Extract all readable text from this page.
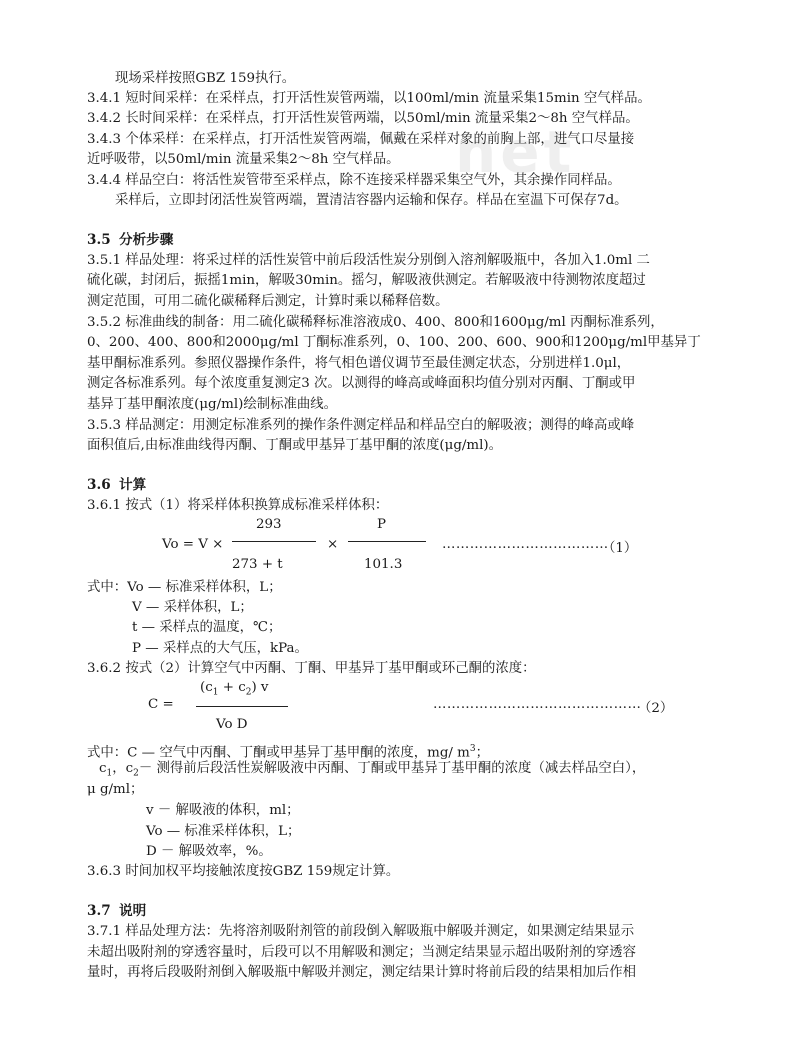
net
现场采样按照GBZ 159执行。
3.4.1 短时间采样：在采样点，打开活性炭管两端，以100ml/min 流量采集15min 空气样品。
3.4.2 长时间采样：在采样点，打开活性炭管两端，以50ml/min 流量采集2～8h 空气样品。
3.4.3 个体采样：在采样点，打开活性炭管两端，佩戴在采样对象的前胸上部，进气口尽量接
近呼吸带，以50ml/min 流量采集2～8h 空气样品。
3.4.4 样品空白：将活性炭管带至采样点，除不连接采样器采集空气外，其余操作同样品。
采样后，立即封闭活性炭管两端，置清洁容器内运输和保存。样品在室温下可保存7d。
3.5 分析步骤
3.5.1 样品处理：将采过样的活性炭管中前后段活性炭分别倒入溶剂解吸瓶中，各加入1.0ml 二
硫化碳，封闭后，振摇1min，解吸30min。摇匀，解吸液供测定。若解吸液中待测物浓度超过
测定范围，可用二硫化碳稀释后测定，计算时乘以稀释倍数。
3.5.2 标准曲线的制备：用二硫化碳稀释标准溶液成0、400、800和1600μg/ml 丙酮标准系列，
0、200、400、800和2000μg/ml 丁酮标准系列，0、100、200、600、900和1200μg/ml甲基异丁
基甲酮标准系列。参照仪器操作条件，将气相色谱仪调节至最佳测定状态，分别进样1.0μl，
测定各标准系列。每个浓度重复测定3 次。以测得的峰高或峰面积均值分别对丙酮、丁酮或甲
基异丁基甲酮浓度(μg/ml)绘制标准曲线。
3.5.3 样品测定：用测定标准系列的操作条件测定样品和样品空白的解吸液；测得的峰高或峰
面积值后,由标准曲线得丙酮、丁酮或甲基异丁基甲酮的浓度(μg/ml)。
3.6 计算
3.6.1 按式（1）将采样体积换算成标准采样体积：
293
273 + t
Vo = V ×	×
P
101.3
………………………………
（1）
式中：Vo — 标准采样体积，L；
V — 采样体积，L；
t — 采样点的温度，℃；
P — 采样点的大气压，kPa。
3.6.2 按式（2）计算空气中丙酮、丁酮、甲基异丁基甲酮或环己酮的浓度：
$(c_1 + c_2)$ v
C =
Vo D
………………………………………
（2）
式中：C — 空气中丙酮、丁酮或甲基异丁基甲酮的浓度，mg/ $m^3$；
$c_1$，$c_2-$ 测得前后段活性炭解吸液中丙酮、丁酮或甲基异丁基甲酮的浓度（减去样品空白），
μ g/ml；
v － 解吸液的体积，ml；
Vo — 标准采样体积，L；
D － 解吸效率，%。
3.6.3 时间加权平均接触浓度按GBZ 159规定计算。
3.7 说明
3.7.1 样品处理方法：先将溶剂吸附剂管的前段倒入解吸瓶中解吸并测定，如果测定结果显示
未超出吸附剂的穿透容量时，后段可以不用解吸和测定；当测定结果显示超出吸附剂的穿透容
量时，再将后段吸附剂倒入解吸瓶中解吸并测定，测定结果计算时将前后段的结果相加后作相
